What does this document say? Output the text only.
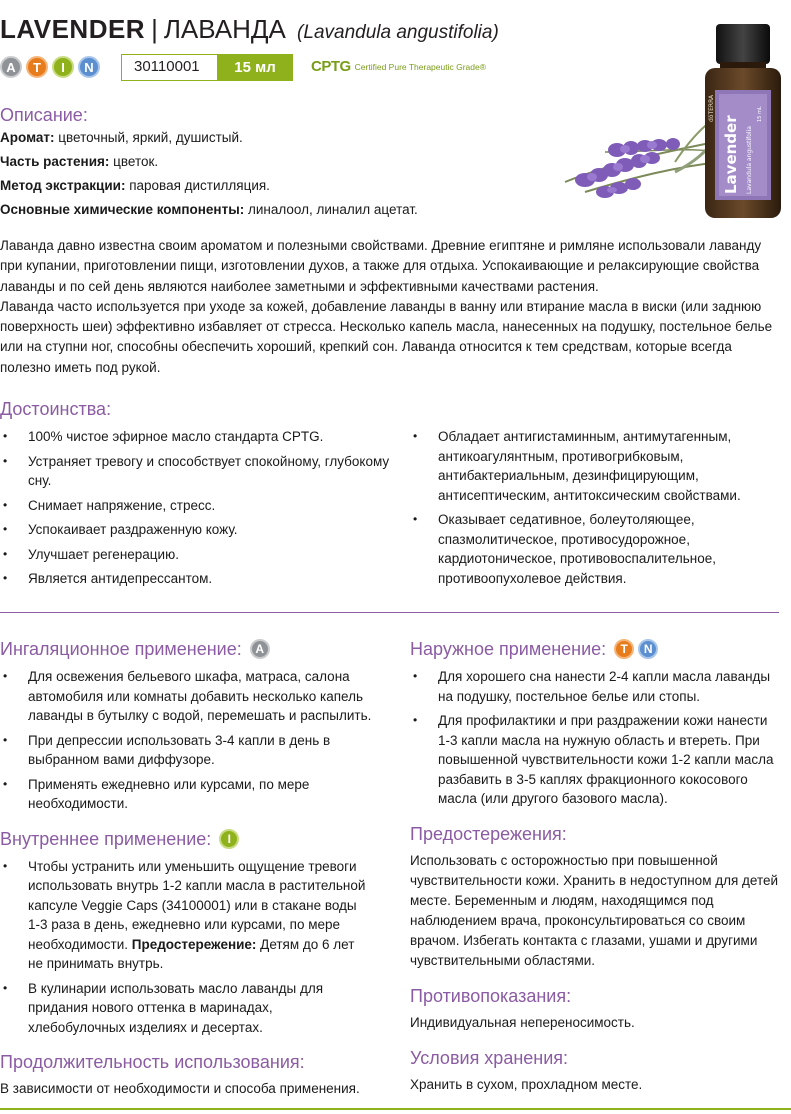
LAVENDER | ЛАВАНДА (Lavandula angustifolia)
A	T	I	N	30110001	15 мл	CPTG Certified Pure Therapeutic Grade®
Lavender Lavandula angustifolia
15 mL
dōTERRA
Описание:
Аромат: цветочный, яркий, душистый.
Часть растения: цветок.
Метод экстракции: паровая дистилляция.
Основные химические компоненты: линалоол, линалил ацетат.

Лаванда давно известна своим ароматом и полезными свойствами. Древние египтяне и римляне использовали лаванду при купании, приготовлении пищи, изготовлении духов, а также для отдыха. Успокаивающие и релаксирующие свойства лаванды и по сей день являются наиболее заметными и эффективными качествами растения.

Лаванда часто используется при уходе за кожей, добавление лаванды в ванну или втирание масла в виски (или заднюю поверхность шеи) эффективно избавляет от стресса. Несколько капель масла, нанесенных на подушку, постельное белье или на ступни ног, способны обеспечить хороший, крепкий сон. Лаванда относится к тем средствам, которые всегда полезно иметь под рукой.

Достоинства:
• 100% чистое эфирное масло стандарта CPTG.
• Устраняет тревогу и способствует спокойному, глубокому сну.
• Снимает напряжение, стресс.
• Успокаивает раздраженную кожу.
• Улучшает регенерацию.
• Является антидепрессантом.
• Обладает антигистаминным, антимутагенным, антикоагулянтным, противогрибковым, антибактериальным, дезинфицирующим, антисептическим, антитоксическим свойствами.
• Оказывает седативное, болеутоляющее, спазмолитическое, противосудорожное, кардиотоническое, противовоспалительное, противоопухолевое действия.
Ингаляционное применение:	A
• Для освежения бельевого шкафа, матраса, салона автомобиля или комнаты добавить несколько капель лаванды в бутылку с водой, перемешать и распылить.
• При депрессии использовать 3-4 капли в день в выбранном вами диффузоре.
• Применять ежедневно или курсами, по мере необходимости.
Внутреннее применение:	I
• Чтобы устранить или уменьшить ощущение тревоги использовать внутрь 1-2 капли масла в растительной капсуле Veggie Caps (34100001) или в стакане воды 1-3 раза в день, ежедневно или курсами, по мере необходимости. Предостережение: Детям до 6 лет не принимать внутрь.
• В кулинарии использовать масло лаванды для придания нового оттенка в маринадах, хлебобулочных изделиях и десертах.
Продолжительность использования:

В зависимости от необходимости и способа применения.

Наружное применение:	T	N
• Для хорошего сна нанести 2-4 капли масла лаванды на подушку, постельное белье или стопы.
• Для профилактики и при раздражении кожи нанести 1-3 капли масла на нужную область и втереть. При повышенной чувствительности кожи 1-2 капли масла разбавить в 3-5 каплях фракционного кокосового масла (или другого базового масла).
Предостережения:

Использовать с осторожностью при повышенной чувствительности кожи. Хранить в недоступном для детей месте. Беременным и людям, находящимся под наблюдением врача, проконсультироваться со своим врачом. Избегать контакта с глазами, ушами и другими чувствительными областями.

Противопоказания:

Индивидуальная непереносимость.

Условия хранения:

Хранить в сухом, прохладном месте.
